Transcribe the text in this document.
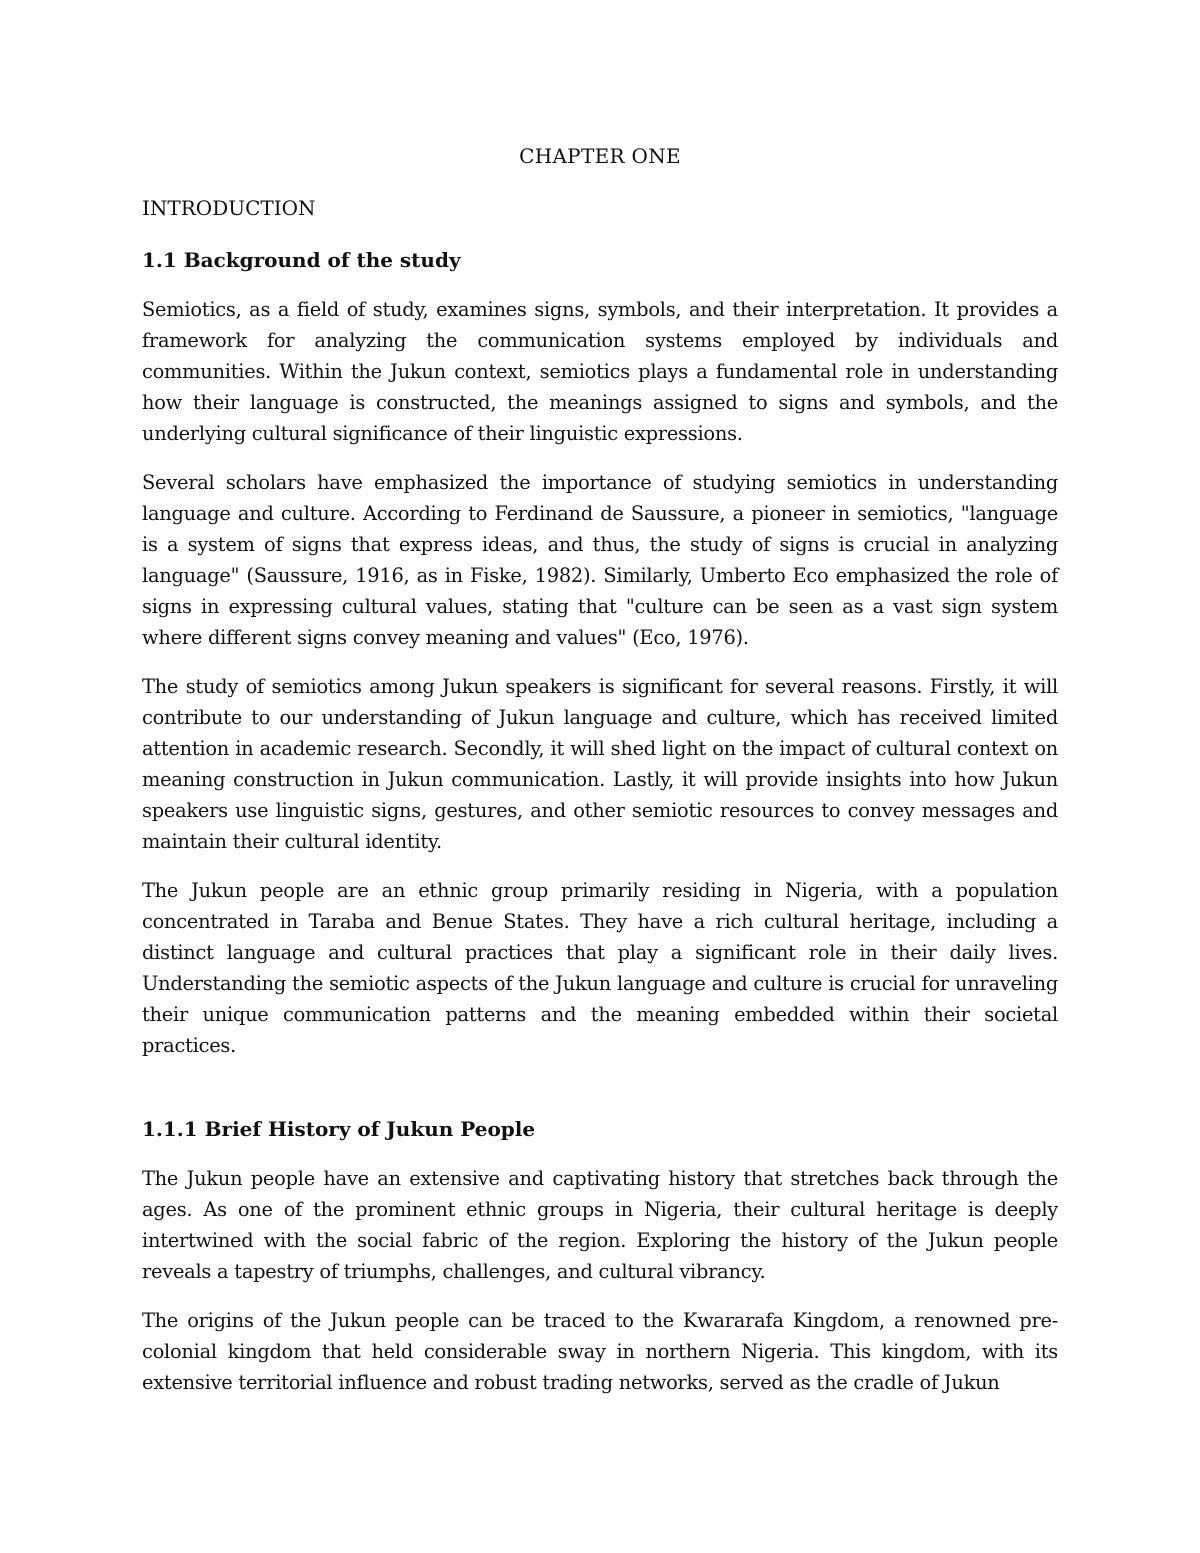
CHAPTER ONE
INTRODUCTION
1.1 Background of the study

Semiotics, as a field of study, examines signs, symbols, and their interpretation. It provides a framework for analyzing the communication systems employed by individuals and communities. Within the Jukun context, semiotics plays a fundamental role in understanding how their language is constructed, the meanings assigned to signs and symbols, and the underlying cultural significance of their linguistic expressions.

Several scholars have emphasized the importance of studying semiotics in understanding language and culture. According to Ferdinand de Saussure, a pioneer in semiotics, "language is a system of signs that express ideas, and thus, the study of signs is crucial in analyzing language" (Saussure, 1916, as in Fiske, 1982). Similarly, Umberto Eco emphasized the role of signs in expressing cultural values, stating that "culture can be seen as a vast sign system where different signs convey meaning and values" (Eco, 1976).

The study of semiotics among Jukun speakers is significant for several reasons. Firstly, it will contribute to our understanding of Jukun language and culture, which has received limited attention in academic research. Secondly, it will shed light on the impact of cultural context on meaning construction in Jukun communication. Lastly, it will provide insights into how Jukun speakers use linguistic signs, gestures, and other semiotic resources to convey messages and maintain their cultural identity.

The Jukun people are an ethnic group primarily residing in Nigeria, with a population concentrated in Taraba and Benue States. They have a rich cultural heritage, including a distinct language and cultural practices that play a significant role in their daily lives. Understanding the semiotic aspects of the Jukun language and culture is crucial for unraveling their unique communication patterns and the meaning embedded within their societal practices.

1.1.1 Brief History of Jukun People

The Jukun people have an extensive and captivating history that stretches back through the ages. As one of the prominent ethnic groups in Nigeria, their cultural heritage is deeply intertwined with the social fabric of the region. Exploring the history of the Jukun people reveals a tapestry of triumphs, challenges, and cultural vibrancy.

The origins of the Jukun people can be traced to the Kwararafa Kingdom, a renowned pre-colonial kingdom that held considerable sway in northern Nigeria. This kingdom, with its extensive territorial influence and robust trading networks, served as the cradle of Jukun
